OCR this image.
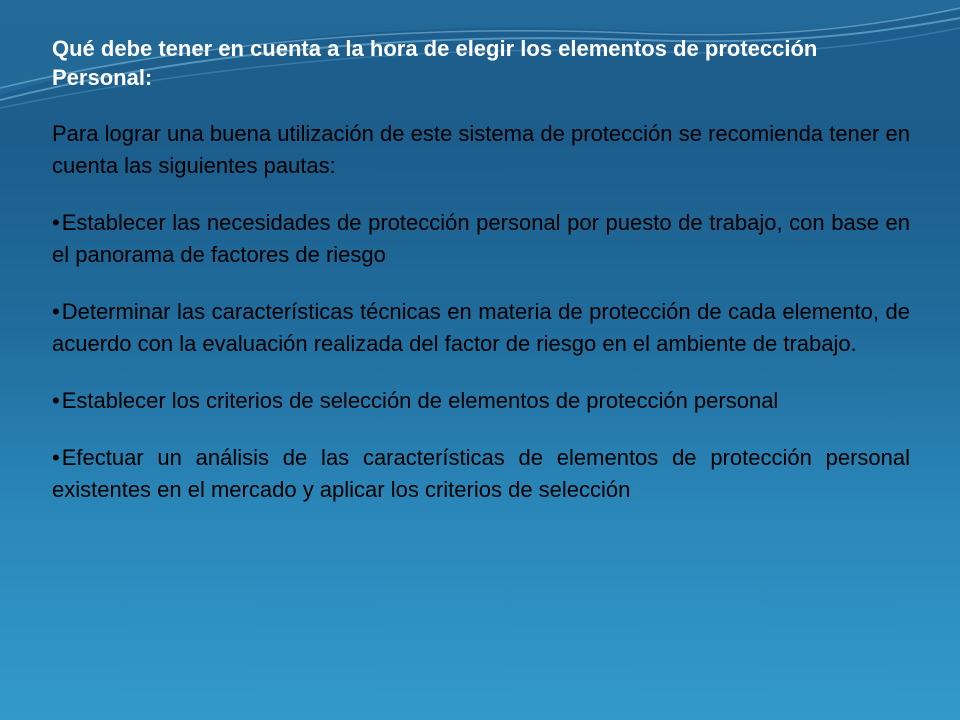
Qué debe tener en cuenta a la hora de elegir los elementos de protección Personal:
Para lograr una buena utilización de este sistema de protección se recomienda tener en cuenta las siguientes pautas:
•Establecer las necesidades de protección personal por puesto de trabajo, con base en el panorama de factores de riesgo
•Determinar las características técnicas en materia de protección de cada elemento, de acuerdo con la evaluación realizada del factor de riesgo en el ambiente de trabajo.
•Establecer los criterios de selección de elementos de protección personal
•Efectuar un análisis de las características de elementos de protección personal existentes en el mercado y aplicar los criterios de selección
